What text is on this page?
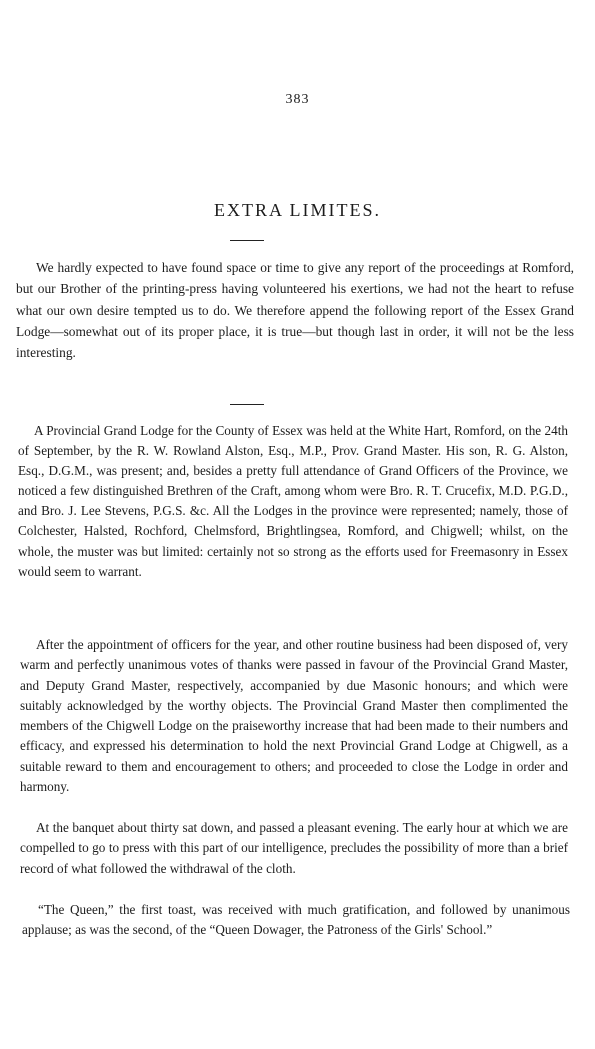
383
EXTRA LIMITES.

We hardly expected to have found space or time to give any report of the proceedings at Romford, but our Brother of the printing-press having volunteered his exertions, we had not the heart to refuse what our own desire tempted us to do. We therefore append the following report of the Essex Grand Lodge—somewhat out of its proper place, it is true—but though last in order, it will not be the less interesting.

A Provincial Grand Lodge for the County of Essex was held at the White Hart, Romford, on the 24th of September, by the R. W. Rowland Alston, Esq., M.P., Prov. Grand Master. His son, R. G. Alston, Esq., D.G.M., was present; and, besides a pretty full attendance of Grand Officers of the Province, we noticed a few distinguished Brethren of the Craft, among whom were Bro. R. T. Crucefix, M.D. P.G.D., and Bro. J. Lee Stevens, P.G.S. &c. All the Lodges in the province were represented; namely, those of Colchester, Halsted, Rochford, Chelmsford, Brightlingsea, Romford, and Chigwell; whilst, on the whole, the muster was but limited: certainly not so strong as the efforts used for Freemasonry in Essex would seem to warrant.

After the appointment of officers for the year, and other routine business had been disposed of, very warm and perfectly unanimous votes of thanks were passed in favour of the Provincial Grand Master, and Deputy Grand Master, respectively, accompanied by due Masonic honours; and which were suitably acknowledged by the worthy objects. The Provincial Grand Master then complimented the members of the Chigwell Lodge on the praiseworthy increase that had been made to their numbers and efficacy, and expressed his determination to hold the next Provincial Grand Lodge at Chigwell, as a suitable reward to them and encouragement to others; and proceeded to close the Lodge in order and harmony.

At the banquet about thirty sat down, and passed a pleasant evening. The early hour at which we are compelled to go to press with this part of our intelligence, precludes the possibility of more than a brief record of what followed the withdrawal of the cloth.

“The Queen,” the first toast, was received with much gratification, and followed by unanimous applause; as was the second, of the “Queen Dowager, the Patroness of the Girls' School.”
